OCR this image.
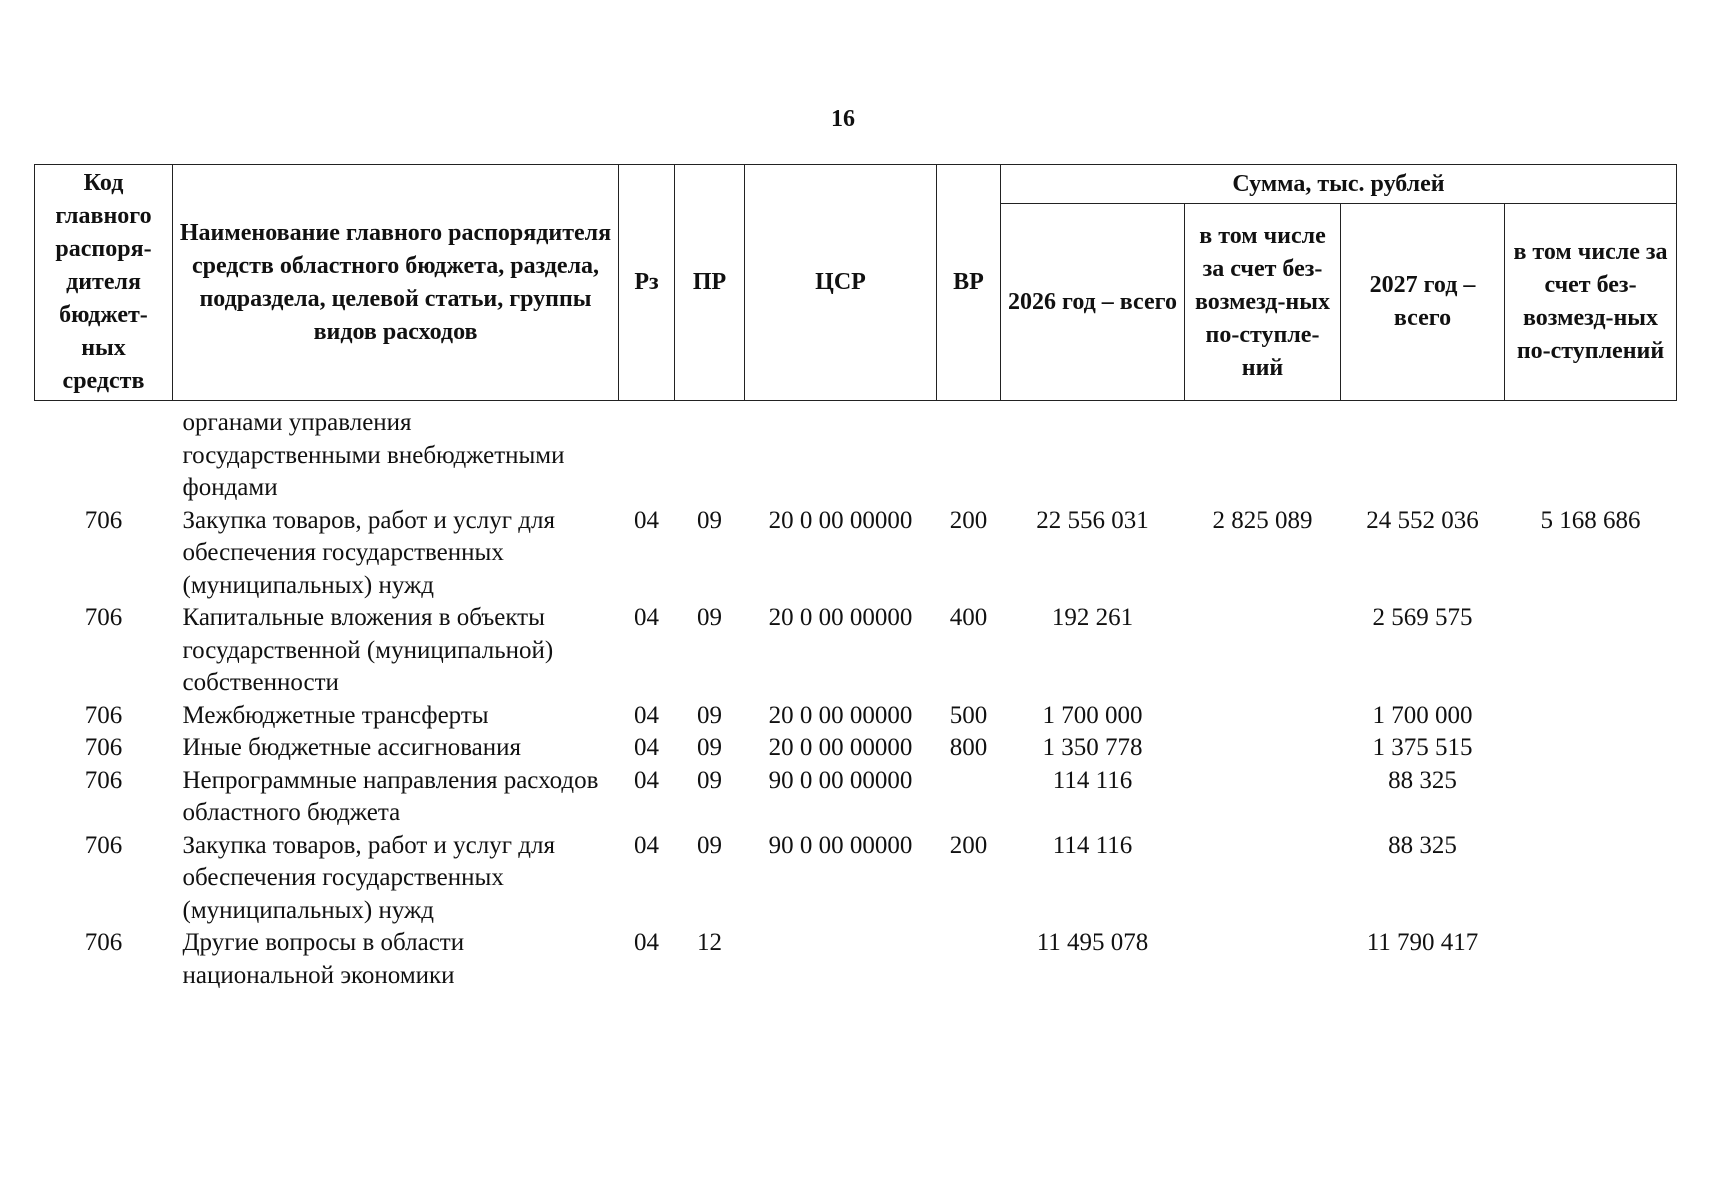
16
Код главного распоря-дителя бюджет-ных средств	Наименование главного распорядителя средств областного бюджета, раздела, подраздела, целевой статьи, группы видов расходов	Рз	ПР	ЦСР	ВР	Сумма, тыс. рублей			
						2026 год – всего	в том числе за счет без-возмезд-ных по-ступле-ний	2027 год – всего	в том числе за счет без-возмезд-ных по-ступлений
	органами управления государственными внебюджетными фондами								
706	Закупка товаров, работ и услуг для обеспечения государственных (муниципальных) нужд	04	09	20 0 00 00000	200	22 556 031	2 825 089	24 552 036	5 168 686
706	Капитальные вложения в объекты государственной (муниципальной) собственности	04	09	20 0 00 00000	400	192 261		2 569 575	
706	Межбюджетные трансферты	04	09	20 0 00 00000	500	1 700 000		1 700 000	
706	Иные бюджетные ассигнования	04	09	20 0 00 00000	800	1 350 778		1 375 515	
706	Непрограммные направления расходов областного бюджета	04	09	90 0 00 00000		114 116		88 325	
706	Закупка товаров, работ и услуг для обеспечения государственных (муниципальных) нужд	04	09	90 0 00 00000	200	114 116		88 325	
706	Другие вопросы в области национальной экономики	04	12			11 495 078		11 790 417	
